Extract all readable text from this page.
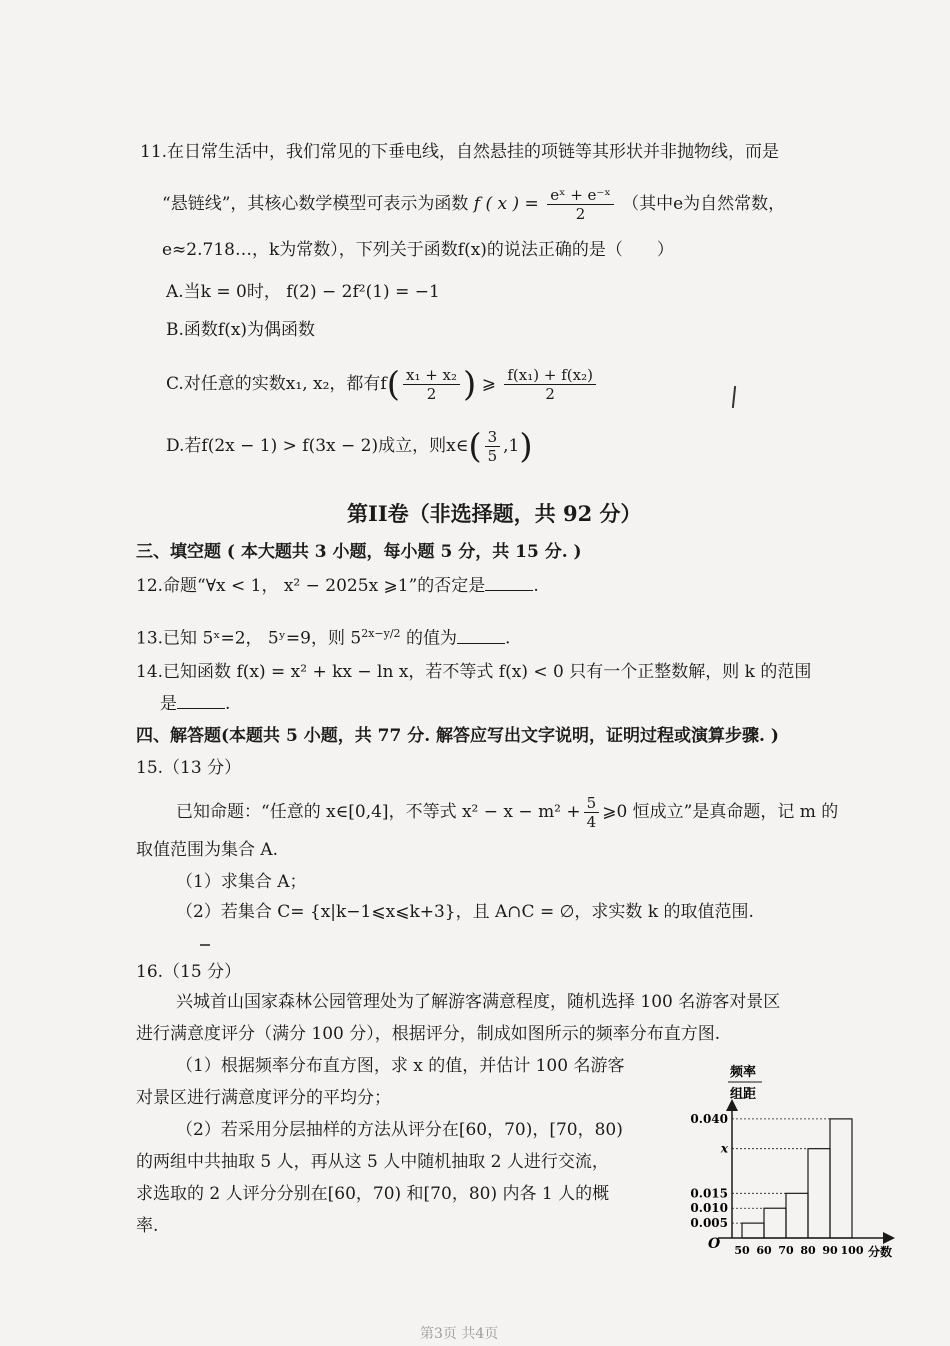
11.在日常生活中，我们常见的下垂电线，自然悬挂的项链等其形状并非抛物线，而是
“悬链线”，其核心数学模型可表示为函数 f ( x ) = $\frac{\text{eˣ + e⁻ˣ}}{2}$ （其中e为自然常数，
e≈2.718…，k为常数），下列关于函数f(x)的说法正确的是（　　）
A.当k = 0时， f(2) − 2f²(1) = −1
B.函数f(x)为偶函数
C.对任意的实数x₁, x₂，都有$f( \frac{\text{x₁ + x₂}}{2}$ ) ⩾ $\frac{\text{f(x₁) + f(x₂)}}{2}$
D.若f(2x − 1) > f(3x − 2)成立，则x∈( $\frac{3}{5} ,1$)
第II卷（非选择题，共 92 分）
三、填空题 ( 本大题共 3 小题，每小题 5 分，共 15 分. )
12.命题“∀x < 1， x² − 2025x ⩾1”的否定是	.
13.已知 5ˣ=2， 5ʸ=9，则 $5^{2x-y/2}$ 的值为	.
14.已知函数 f(x) = x² + kx − ln x，若不等式 f(x) < 0 只有一个正整数解，则 k 的范围
是	.
四、解答题(本题共 5 小题，共 77 分. 解答应写出文字说明，证明过程或演算步骤. )
15.（13 分）
已知命题：“任意的 x∈[0,4]，不等式 $x^2 - x - m^2 + \frac{5}{4}$ ⩾0 恒成立”是真命题，记 m 的
取值范围为集合 A.
（1）求集合 A；
（2）若集合 C= {x|k−1⩽x⩽k+3}，且 A∩C = ∅，求实数 k 的取值范围.
16.（15 分）
兴城首山国家森林公园管理处为了解游客满意程度，随机选择 100 名游客对景区
进行满意度评分（满分 100 分），根据评分，制成如图所示的频率分布直方图.
（1）根据频率分布直方图，求 x 的值，并估计 100 名游客
对景区进行满意度评分的平均分；
（2）若采用分层抽样的方法从评分在[60，70)，[70，80)
的两组中共抽取 5 人，再从这 5 人中随机抽取 2 人进行交流，
求选取的 2 人评分分别在[60，70) 和[70，80) 内各 1 人的概
率.
频率
组距
O	分数
0.005
0.010
0.015
x
0.040
50 60 70 80 90 100
第3页 共4页
